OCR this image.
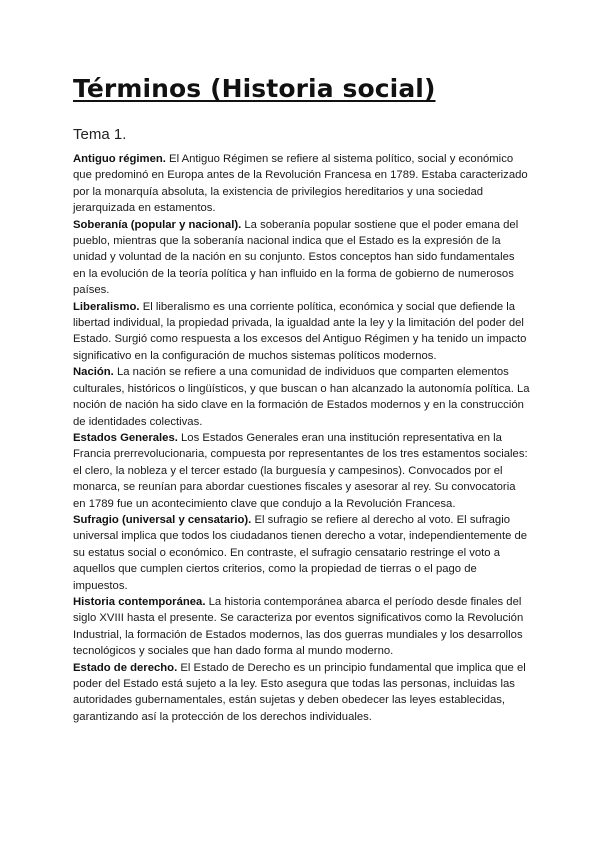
Términos (Historia social)
Tema 1.

Antiguo régimen. El Antiguo Régimen se refiere al sistema político, social y económico que predominó en Europa antes de la Revolución Francesa en 1789. Estaba caracterizado por la monarquía absoluta, la existencia de privilegios hereditarios y una sociedad jerarquizada en estamentos.

Soberanía (popular y nacional). La soberanía popular sostiene que el poder emana del pueblo, mientras que la soberanía nacional indica que el Estado es la expresión de la unidad y voluntad de la nación en su conjunto. Estos conceptos han sido fundamentales en la evolución de la teoría política y han influido en la forma de gobierno de numerosos países.

Liberalismo. El liberalismo es una corriente política, económica y social que defiende la libertad individual, la propiedad privada, la igualdad ante la ley y la limitación del poder del Estado. Surgió como respuesta a los excesos del Antiguo Régimen y ha tenido un impacto significativo en la configuración de muchos sistemas políticos modernos.

Nación. La nación se refiere a una comunidad de individuos que comparten elementos culturales, históricos o lingüísticos, y que buscan o han alcanzado la autonomía política. La noción de nación ha sido clave en la formación de Estados modernos y en la construcción de identidades colectivas.

Estados Generales. Los Estados Generales eran una institución representativa en la Francia prerrevolucionaria, compuesta por representantes de los tres estamentos sociales: el clero, la nobleza y el tercer estado (la burguesía y campesinos). Convocados por el monarca, se reunían para abordar cuestiones fiscales y asesorar al rey. Su convocatoria en 1789 fue un acontecimiento clave que condujo a la Revolución Francesa.

Sufragio (universal y censatario). El sufragio se refiere al derecho al voto. El sufragio universal implica que todos los ciudadanos tienen derecho a votar, independientemente de su estatus social o económico. En contraste, el sufragio censatario restringe el voto a aquellos que cumplen ciertos criterios, como la propiedad de tierras o el pago de impuestos.

Historia contemporánea. La historia contemporánea abarca el período desde finales del siglo XVIII hasta el presente. Se caracteriza por eventos significativos como la Revolución Industrial, la formación de Estados modernos, las dos guerras mundiales y los desarrollos tecnológicos y sociales que han dado forma al mundo moderno.

Estado de derecho. El Estado de Derecho es un principio fundamental que implica que el poder del Estado está sujeto a la ley. Esto asegura que todas las personas, incluidas las autoridades gubernamentales, están sujetas y deben obedecer las leyes establecidas, garantizando así la protección de los derechos individuales.
